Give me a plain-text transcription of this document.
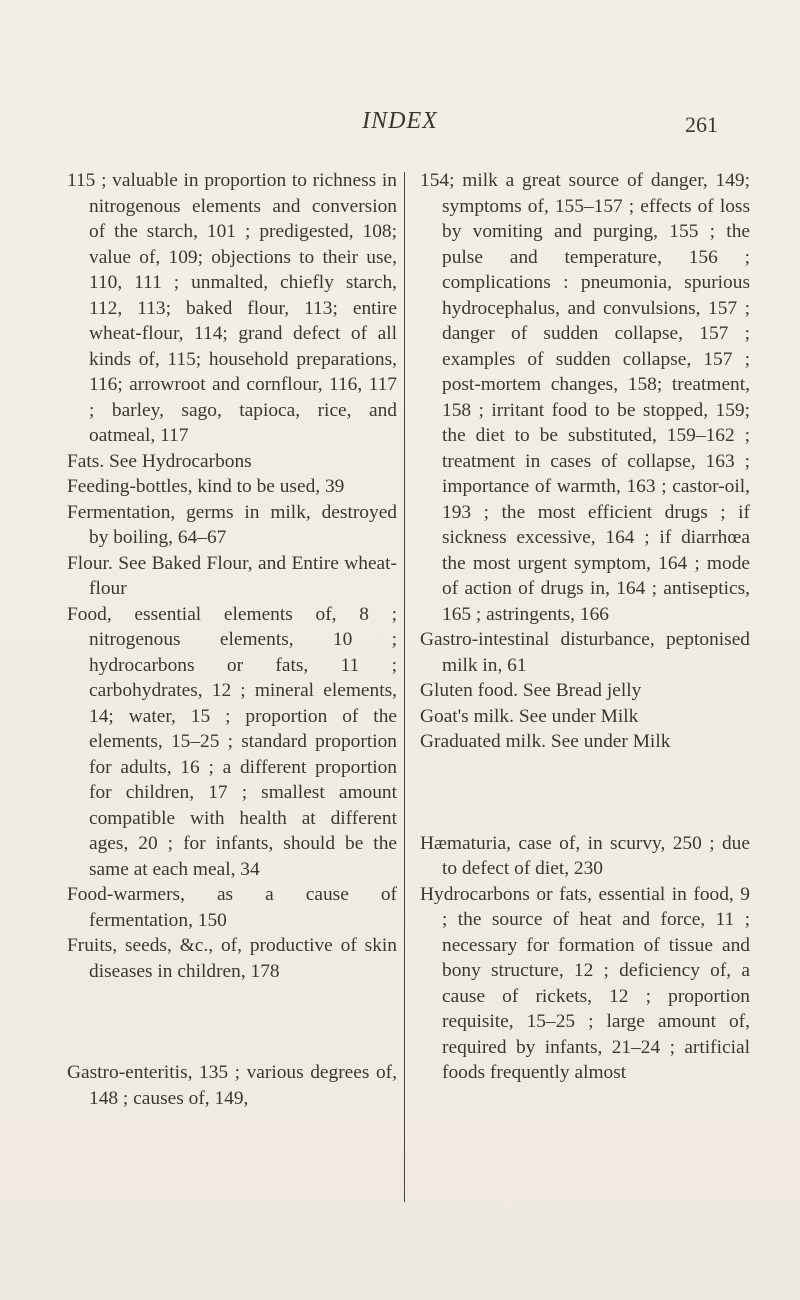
INDEX	261

115 ; valuable in proportion to richness in nitrogenous elements and conversion of the starch, 101 ; predigested, 108; value of, 109; objections to their use, 110, 111 ; unmalted, chiefly starch, 112, 113; baked flour, 113; entire wheat-flour, 114; grand defect of all kinds of, 115; household preparations, 116; arrowroot and cornflour, 116, 117 ; barley, sago, tapioca, rice, and oatmeal, 117

Fats. See Hydrocarbons

Feeding-bottles, kind to be used, 39

Fermentation, germs in milk, destroyed by boiling, 64–67

Flour. See Baked Flour, and Entire wheat-flour

Food, essential elements of, 8 ; nitrogenous elements, 10 ; hydrocarbons or fats, 11 ; carbohydrates, 12 ; mineral elements, 14; water, 15 ; proportion of the elements, 15–25 ; standard proportion for adults, 16 ; a different proportion for children, 17 ; smallest amount compatible with health at different ages, 20 ; for infants, should be the same at each meal, 34

Food-warmers, as a cause of fermentation, 150

Fruits, seeds, &c., of, productive of skin diseases in children, 178

Gastro-enteritis, 135 ; various degrees of, 148 ; causes of, 149,

154; milk a great source of danger, 149; symptoms of, 155–157 ; effects of loss by vomiting and purging, 155 ; the pulse and temperature, 156 ; complications : pneumonia, spurious hydrocephalus, and convulsions, 157 ; danger of sudden collapse, 157 ; examples of sudden collapse, 157 ; post-mortem changes, 158; treatment, 158 ; irritant food to be stopped, 159; the diet to be substituted, 159–162 ; treatment in cases of collapse, 163 ; importance of warmth, 163 ; castor-oil, 193 ; the most efficient drugs ; if sickness excessive, 164 ; if diarrhœa the most urgent symptom, 164 ; mode of action of drugs in, 164 ; antiseptics, 165 ; astringents, 166

Gastro-intestinal disturbance, peptonised milk in, 61

Gluten food. See Bread jelly

Goat's milk. See under Milk

Graduated milk. See under Milk

Hæmaturia, case of, in scurvy, 250 ; due to defect of diet, 230

Hydrocarbons or fats, essential in food, 9 ; the source of heat and force, 11 ; necessary for formation of tissue and bony structure, 12 ; deficiency of, a cause of rickets, 12 ; proportion requisite, 15–25 ; large amount of, required by infants, 21–24 ; artificial foods frequently almost
